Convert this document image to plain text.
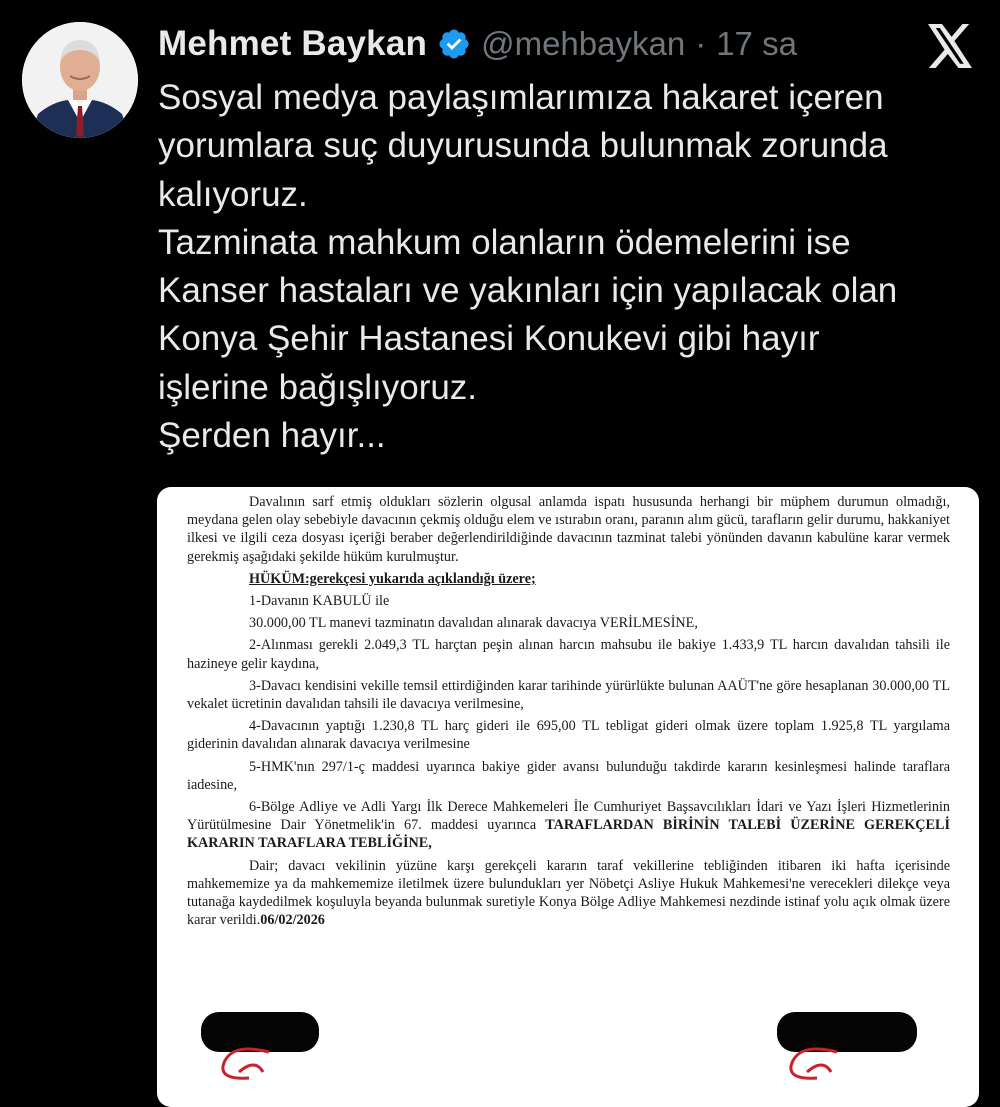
Mehmet Baykan @mehbaykan · 17 sa
Sosyal medya paylaşımlarımıza hakaret içeren
yorumlara suç duyurusunda bulunmak zorunda
kalıyoruz.
Tazminata mahkum olanların ödemelerini ise
Kanser hastaları ve yakınları için yapılacak olan
Konya Şehir Hastanesi Konukevi gibi hayır
işlerine bağışlıyoruz.
Şerden hayır...

Davalının sarf etmiş oldukları sözlerin olgusal anlamda ispatı hususunda herhangi bir müphem durumun olmadığı, meydana gelen olay sebebiyle davacının çekmiş olduğu elem ve ıstırabın oranı, paranın alım gücü, tarafların gelir durumu, hakkaniyet ilkesi ve ilgili ceza dosyası içeriği beraber değerlendirildiğinde davacının tazminat talebi yönünden davanın kabulüne karar vermek gerekmiş aşağıdaki şekilde hüküm kurulmuştur.

HÜKÜM:gerekçesi yukarıda açıklandığı üzere;

1-Davanın KABULÜ ile

30.000,00 TL manevi tazminatın davalıdan alınarak davacıya VERİLMESİNE,

2-Alınması gerekli 2.049,3 TL harçtan peşin alınan harcın mahsubu ile bakiye 1.433,9 TL harcın davalıdan tahsili ile hazineye gelir kaydına,

3-Davacı kendisini vekille temsil ettirdiğinden karar tarihinde yürürlükte bulunan AAÜT'ne göre hesaplanan 30.000,00 TL vekalet ücretinin davalıdan tahsili ile davacıya verilmesine,

4-Davacının yaptığı 1.230,8 TL harç gideri ile 695,00 TL tebligat gideri olmak üzere toplam 1.925,8 TL yargılama giderinin davalıdan alınarak davacıya verilmesine

5-HMK'nın 297/1-ç maddesi uyarınca bakiye gider avansı bulunduğu takdirde kararın kesinleşmesi halinde taraflara iadesine,

6-Bölge Adliye ve Adli Yargı İlk Derece Mahkemeleri İle Cumhuriyet Başsavcılıkları İdari ve Yazı İşleri Hizmetlerinin Yürütülmesine Dair Yönetmelik'in 67. maddesi uyarınca TARAFLARDAN BİRİNİN TALEBİ ÜZERİNE GEREKÇELİ KARARIN TARAFLARA TEBLİĞİNE,

Dair; davacı vekilinin yüzüne karşı gerekçeli kararın taraf vekillerine tebliğinden itibaren iki hafta içerisinde mahkememize ya da mahkememize iletilmek üzere bulundukları yer Nöbetçi Asliye Hukuk Mahkemesi'ne verecekleri dilekçe veya tutanağa kaydedilmek koşuluyla beyanda bulunmak suretiyle Konya Bölge Adliye Mahkemesi nezdinde istinaf yolu açık olmak üzere karar verildi.06/02/2026
